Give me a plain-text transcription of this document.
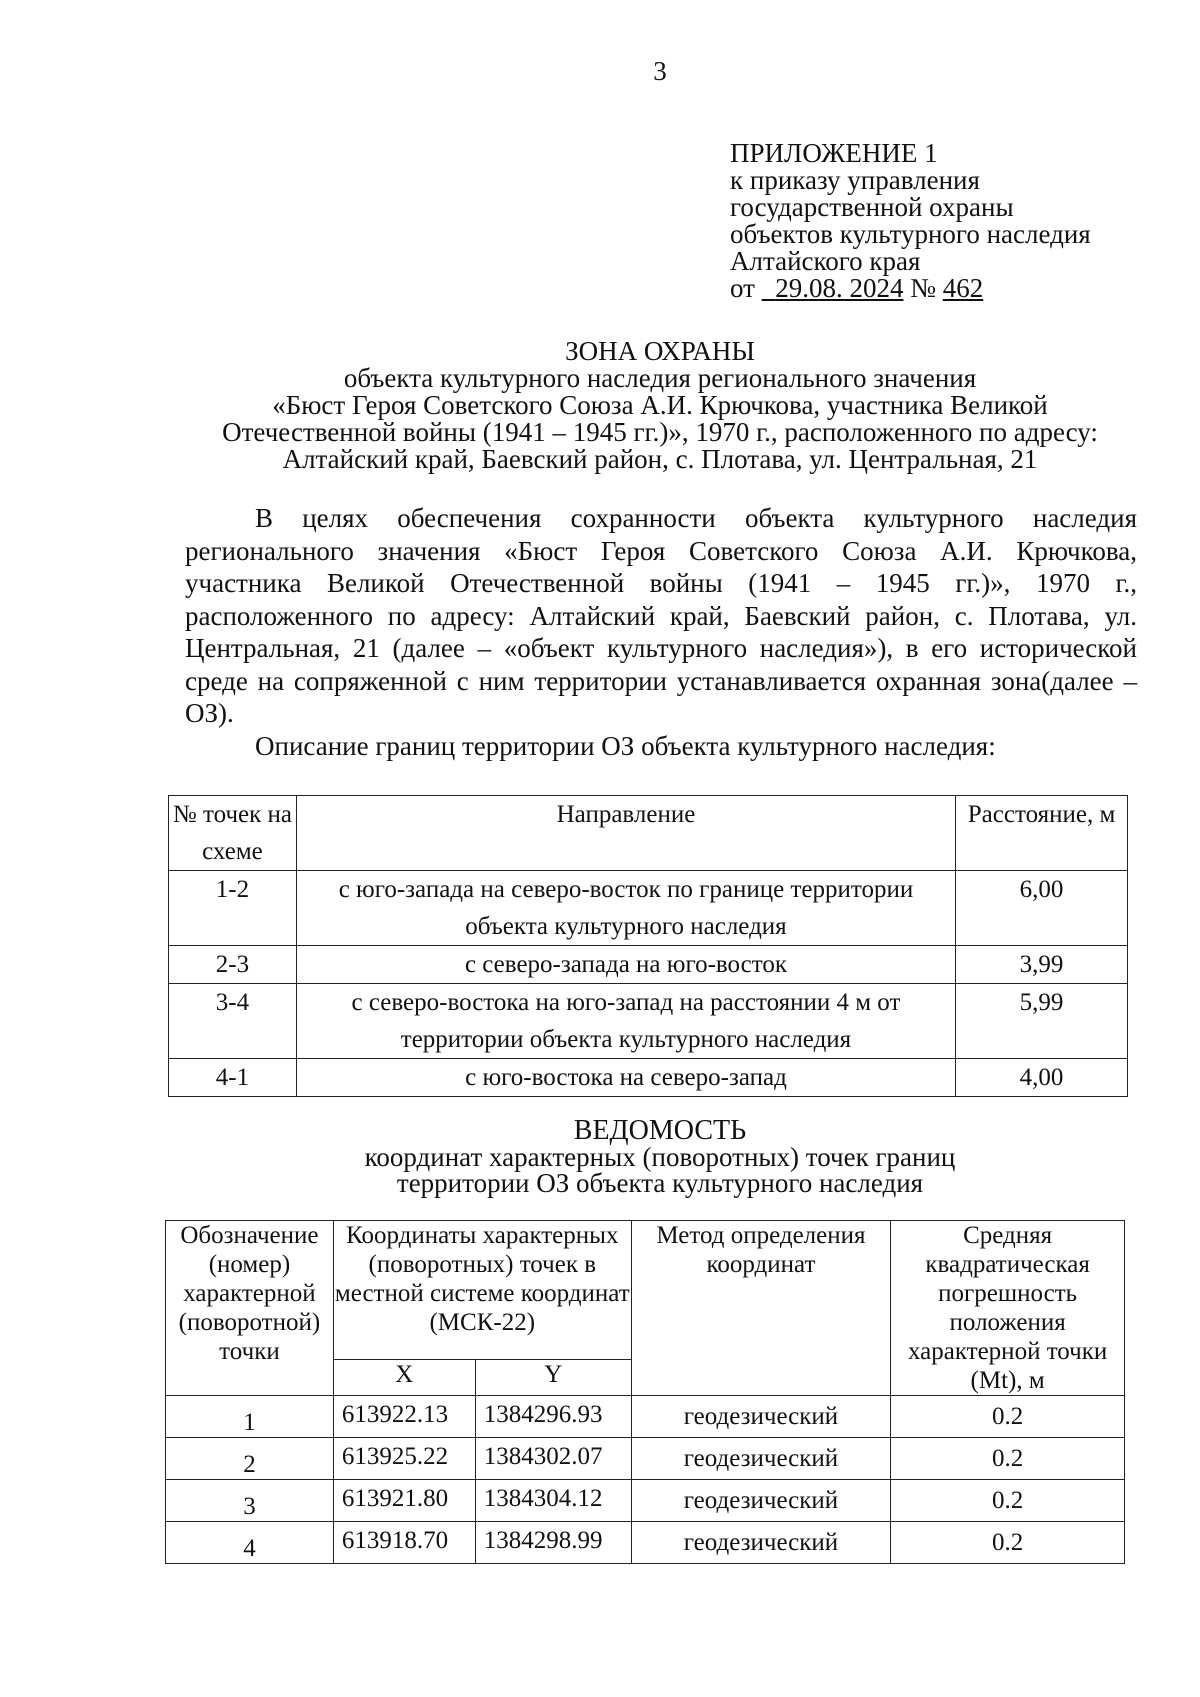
3
ПРИЛОЖЕНИЕ 1
к приказу управления
государственной охраны
объектов культурного наследия
Алтайского края
от 29.08. 2024 № 462
ЗОНА ОХРАНЫ
объекта культурного наследия регионального значения
«Бюст Героя Советского Союза А.И. Крючкова, участника Великой
Отечественной войны (1941 – 1945 гг.)», 1970 г., расположенного по адресу:
Алтайский край, Баевский район, с. Плотава, ул. Центральная, 21

В целях обеспечения сохранности объекта культурного наследия регионального значения «Бюст Героя Советского Союза А.И. Крючкова, участника Великой Отечественной войны (1941 – 1945 гг.)», 1970 г., расположенного по адресу: Алтайский край, Баевский район, с. Плотава, ул. Центральная, 21 (далее – «объект культурного наследия»), в его исторической среде на сопряженной с ним территории устанавливается охранная зона(далее – ОЗ).

Описание границ территории ОЗ объекта культурного наследия:

№ точек на схеме	Направление	Расстояние, м
1-2	с юго-запада на северо-восток по границе территории объекта культурного наследия	6,00
2-3	с северо-запада на юго-восток	3,99
3-4	с северо-востока на юго-запад на расстоянии 4 м от территории объекта культурного наследия	5,99
4-1	с юго-востока на северо-запад	4,00
ВЕДОМОСТЬ
координат характерных (поворотных) точек границ
территории ОЗ объекта культурного наследия
Обозначение (номер) характерной (поворотной) точки	Координаты характерных (поворотных) точек в местной системе координат (МСК-22)		Метод определения координат	Средняя квадратическая погрешность положения характерной точки (Mt), м
	X	Y		
1	613922.13	1384296.93	геодезический	0.2
2	613925.22	1384302.07	геодезический	0.2
3	613921.80	1384304.12	геодезический	0.2
4	613918.70	1384298.99	геодезический	0.2
